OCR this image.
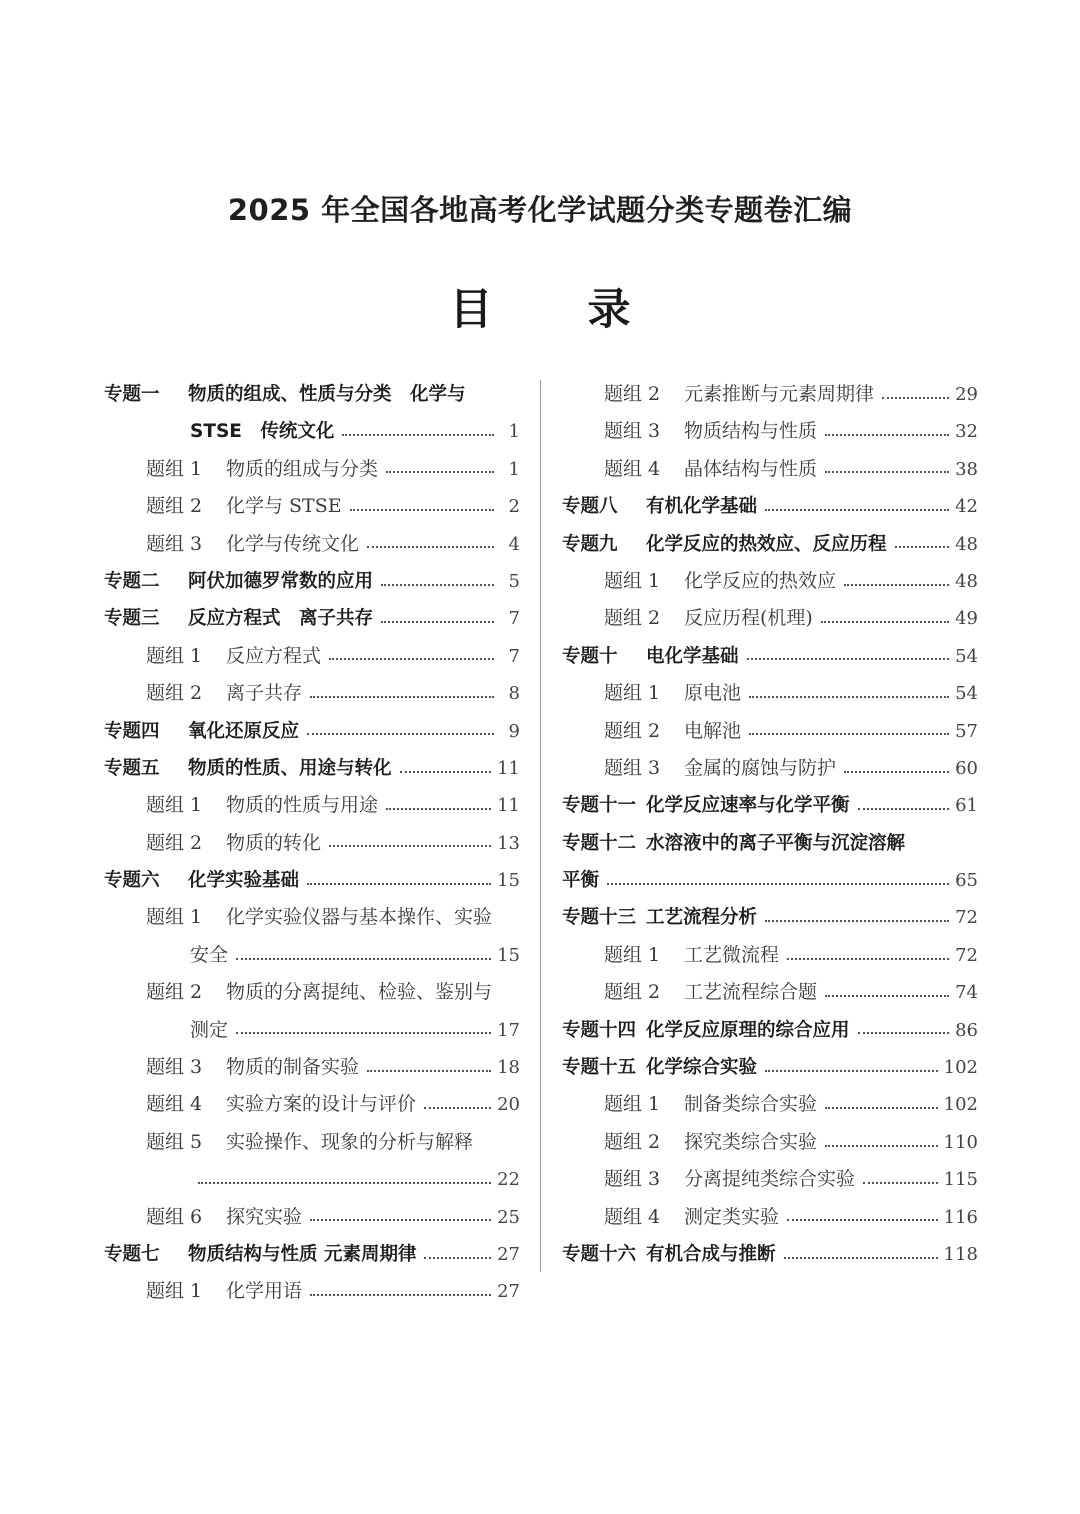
2025 年全国各地高考化学试题分类专题卷汇编
目 录
专题一	物质的组成、性质与分类　化学与
STSE　传统文化	1
题组 1	物质的组成与分类	1
题组 2	化学与 STSE	2
题组 3	化学与传统文化	4
专题二	阿伏加德罗常数的应用	5
专题三	反应方程式　离子共存	7
题组 1	反应方程式	7
题组 2	离子共存	8
专题四	氧化还原反应	9
专题五	物质的性质、用途与转化	11
题组 1	物质的性质与用途	11
题组 2	物质的转化	13
专题六	化学实验基础	15
题组 1	化学实验仪器与基本操作、实验
安全	15
题组 2	物质的分离提纯、检验、鉴别与
测定	17
题组 3	物质的制备实验	18
题组 4	实验方案的设计与评价	20
题组 5	实验操作、现象的分析与解释
22
题组 6	探究实验	25
专题七	物质结构与性质 元素周期律	27
题组 1	化学用语	27
题组 2	元素推断与元素周期律	29
题组 3	物质结构与性质	32
题组 4	晶体结构与性质	38
专题八	有机化学基础	42
专题九	化学反应的热效应、反应历程	48
题组 1	化学反应的热效应	48
题组 2	反应历程(机理)	49
专题十	电化学基础	54
题组 1	原电池	54
题组 2	电解池	57
题组 3	金属的腐蚀与防护	60
专题十一 化学反应速率与化学平衡	61
专题十二 水溶液中的离子平衡与沉淀溶解
平衡	65
专题十三 工艺流程分析	72
题组 1	工艺微流程	72
题组 2	工艺流程综合题	74
专题十四 化学反应原理的综合应用	86
专题十五 化学综合实验	102
题组 1	制备类综合实验	102
题组 2	探究类综合实验	110
题组 3	分离提纯类综合实验	115
题组 4	测定类实验	116
专题十六 有机合成与推断	118
